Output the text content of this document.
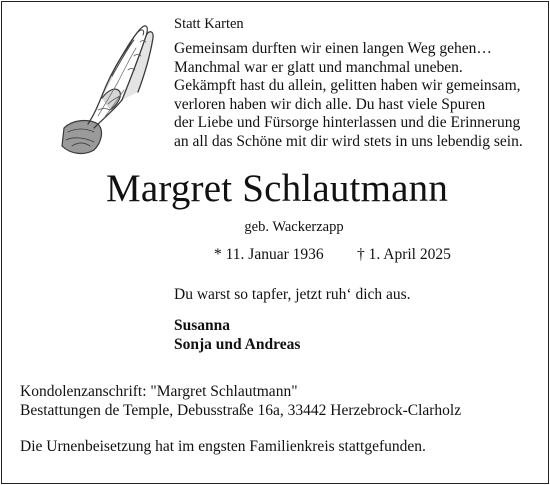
Statt Karten
Gemeinsam durften wir einen langen Weg gehen…
Manchmal war er glatt und manchmal uneben.
Gekämpft hast du allein, gelitten haben wir gemeinsam,
verloren haben wir dich alle. Du hast viele Spuren
der Liebe und Fürsorge hinterlassen und die Erinnerung
an all das Schöne mit dir wird stets in uns lebendig sein.
Margret Schlautmann
geb. Wackerzapp
* 11. Januar 1936 † 1. April 2025
Du warst so tapfer, jetzt ruh‘ dich aus.
Susanna
Sonja und Andreas
Kondolenzanschrift: "Margret Schlautmann"
Bestattungen de Temple, Debusstraße 16a, 33442 Herzebrock-Clarholz
Die Urnenbeisetzung hat im engsten Familienkreis stattgefunden.
